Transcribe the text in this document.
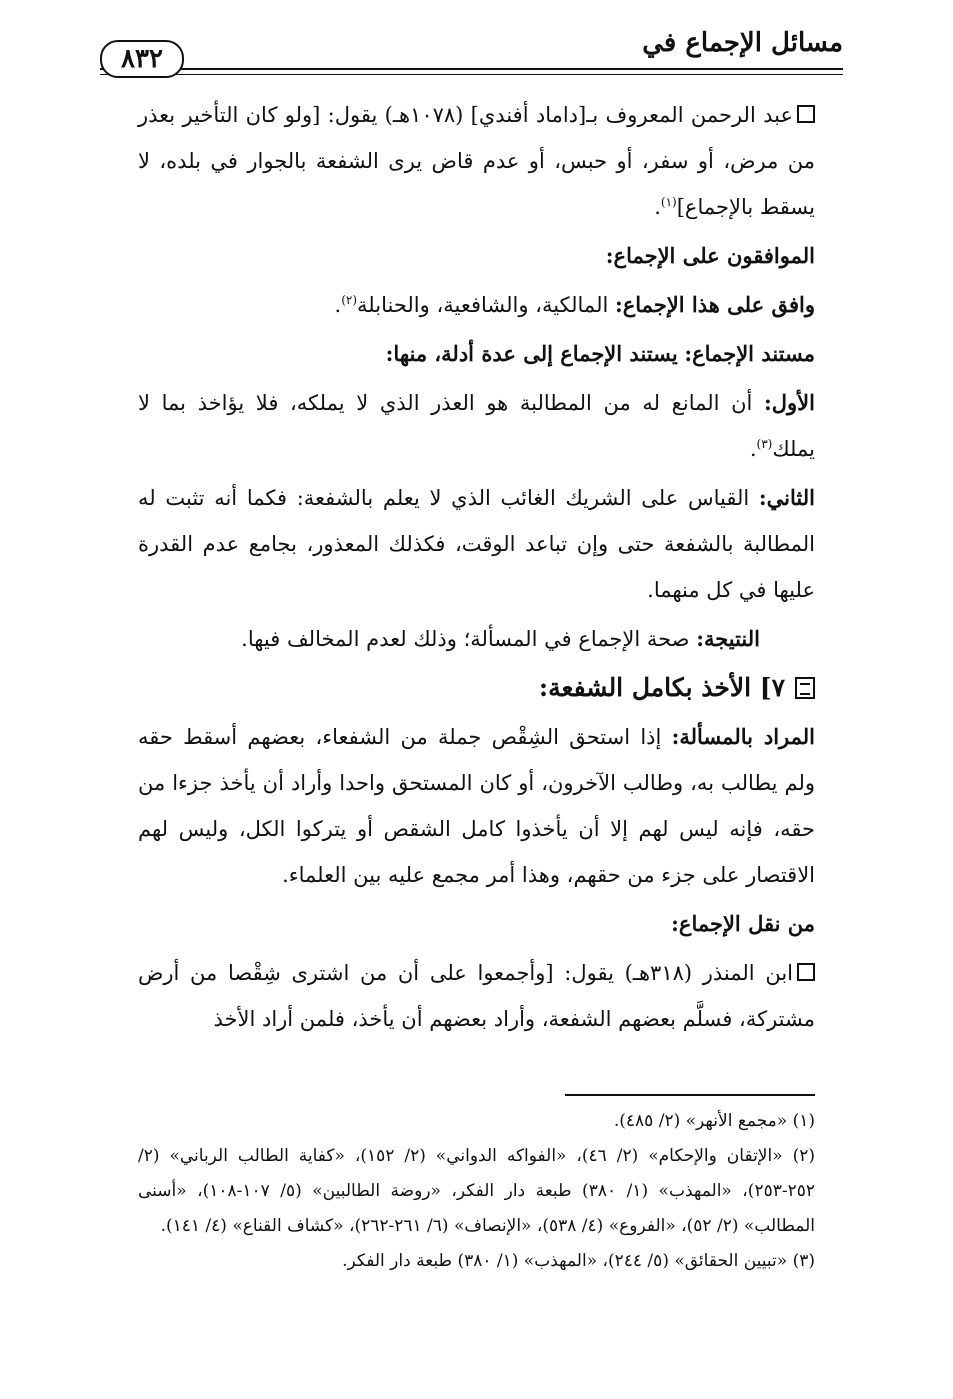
مسائل الإجماع في
٨٣٢

عبد الرحمن المعروف بـ[داماد أفندي] (١٠٧٨هـ) يقول: [ولو كان التأخير بعذر من مرض، أو سفر، أو حبس، أو عدم قاض يرى الشفعة بالجوار في بلده، لا يسقط بالإجماع]$^{(١)}$.

الموافقون على الإجماع:

وافق على هذا الإجماع: المالكية، والشافعية، والحنابلة$^{(٢)}$.

مستند الإجماع: يستند الإجماع إلى عدة أدلة، منها:

الأول: أن المانع له من المطالبة هو العذر الذي لا يملكه، فلا يؤاخذ بما لا يملك$^{(٣)}$.

الثاني: القياس على الشريك الغائب الذي لا يعلم بالشفعة: فكما أنه تثبت له المطالبة بالشفعة حتى وإن تباعد الوقت، فكذلك المعذور، بجامع عدم القدرة عليها في كل منهما.

النتيجة: صحة الإجماع في المسألة؛ وذلك لعدم المخالف فيها.

٧] الأخذ بكامل الشفعة:

المراد بالمسألة: إذا استحق الشِقْص جملة من الشفعاء، بعضهم أسقط حقه ولم يطالب به، وطالب الآخرون، أو كان المستحق واحدا وأراد أن يأخذ جزءا من حقه، فإنه ليس لهم إلا أن يأخذوا كامل الشقص أو يتركوا الكل، وليس لهم الاقتصار على جزء من حقهم، وهذا أمر مجمع عليه بين العلماء.

من نقل الإجماع:

ابن المنذر (٣١٨هـ) يقول: [وأجمعوا على أن من اشترى شِقْصا من أرض مشتركة، فسلَّم بعضهم الشفعة، وأراد بعضهم أن يأخذ، فلمن أراد الأخذ

(١) «مجمع الأنهر» (٢/ ٤٨٥).

(٢) «الإتقان والإحكام» (٢/ ٤٦)، «الفواكه الدواني» (٢/ ١٥٢)، «كفاية الطالب الرباني» (٢/ ٢٥٢-٢٥٣)، «المهذب» (١/ ٣٨٠) طبعة دار الفكر، «روضة الطالبين» (٥/ ١٠٧-١٠٨)، «أسنى المطالب» (٢/ ٥٢)، «الفروع» (٤/ ٥٣٨)، «الإنصاف» (٦/ ٢٦١-٢٦٢)، «كشاف القناع» (٤/ ١٤١).

(٣) «تبيين الحقائق» (٥/ ٢٤٤)، «المهذب» (١/ ٣٨٠) طبعة دار الفكر.
